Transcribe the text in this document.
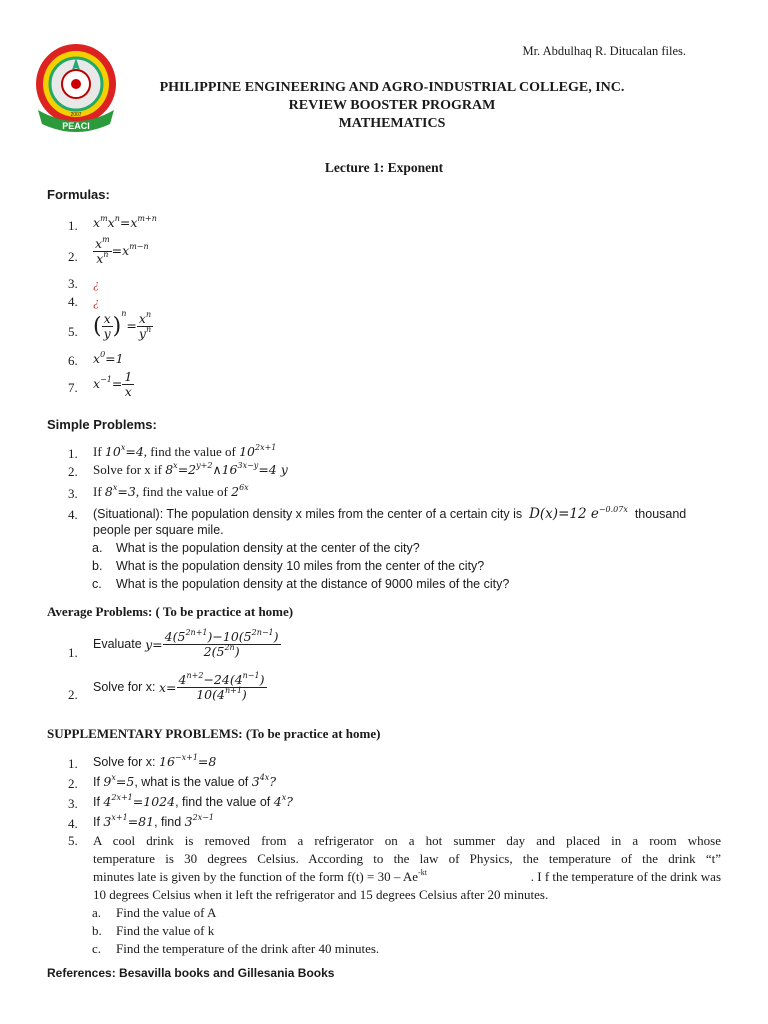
PEACI
2007
Mr. Abdulhaq R. Ditucalan files.
PHILIPPINE ENGINEERING AND AGRO-INDUSTRIAL COLLEGE, INC.
REVIEW BOOSTER PROGRAM
MATHEMATICS
Lecture 1: Exponent
Formulas:
1. $x^mx^n=x^{m+n}$
2. $\frac{x^m}{x^n} =x^{m-n}$
3. ¿
4. ¿
5. ( $\frac{x}{y} )^n= \frac{x^n}{y^n}$
6. $x^0=1$
7. $x^{-1}= \frac{1}{x}$
Simple Problems:
1. If $10^x=4$, find the value of $10^{2x+1}$
2. Solve for x if $8^x=2^{y+2}\wedge 16^{3x-y}=4$ y
3. If $8^x=3$, find the value of $2^{6x}$
4. (Situational): The population density x miles from the center of a certain city is D(x)=12 $e^{-0.07x}$ thousand
people per square mile.
a. What is the population density at the center of the city?
b. What is the population density 10 miles from the center of the city?
c. What is the population density at the distance of 9000 miles of the city?
Average Problems: ( To be practice at home)
1.
Evaluate $y= \frac{4(5^{2n+1})-10(5^{2n-1})}{2(5^{2n})}$
2.
Solve for x: $x= \frac{4^{n+2}-24(4^{n-1})}{10(4^{n+1})}$
SUPPLEMENTARY PROBLEMS: (To be practice at home)
1. Solve for x: $16^{-x+1}=8$
2. If $9^x=5$, what is the value of $3^{4x}$?
3. If $4^{2x+1}=1024$, find the value of 4$^x$?
4. If $3^{x+1}=81$, find $3^{2x-1}$
5. A cool drink is removed from a refrigerator on a hot summer day and placed in a room whose
temperature is 30 degrees Celsius. According to the law of Physics, the temperature of the drink “t”
minutes late is given by the function of the form $f(t) = 30 - Ae^{-kt}$	. I f the temperature of the drink was
10 degrees Celsius when it left the refrigerator and 15 degrees Celsius after 20 minutes.
a. Find the value of A
b. Find the value of k
c. Find the temperature of the drink after 40 minutes.
References: Besavilla books and Gillesania Books
